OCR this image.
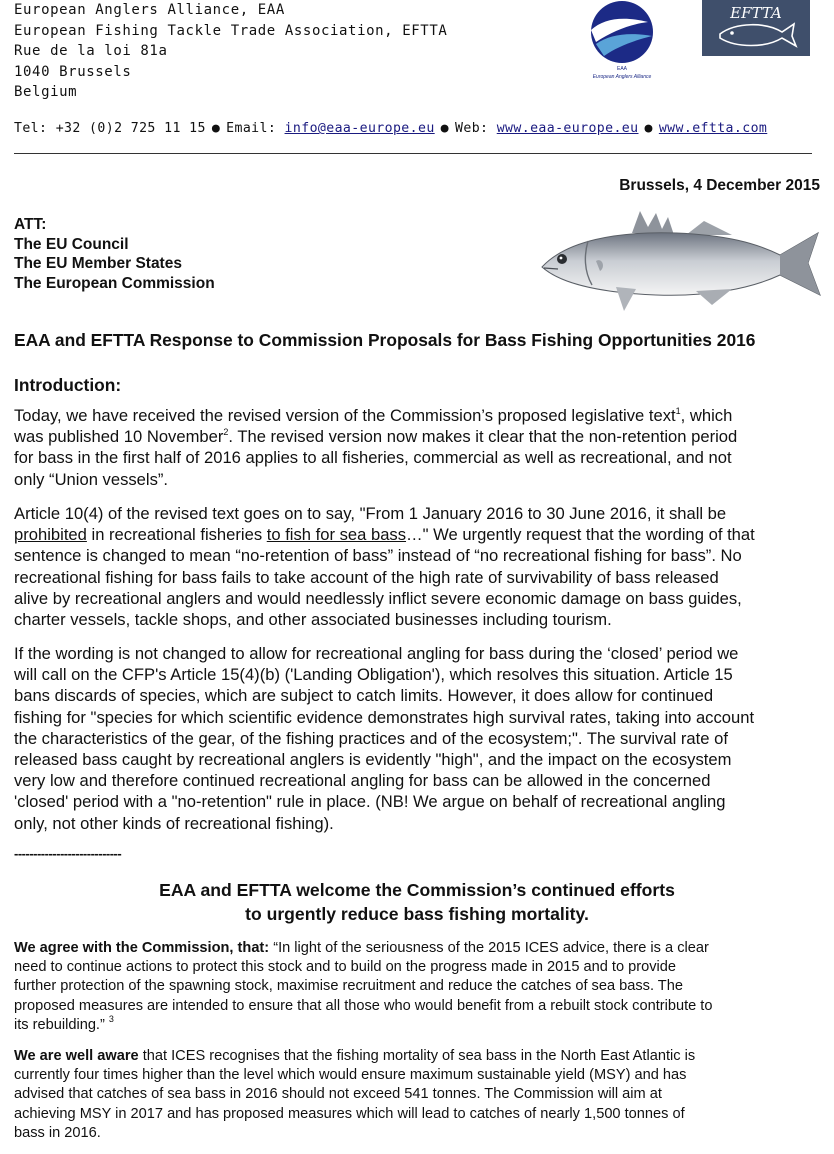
European Anglers Alliance, EAA
European Fishing Tackle Trade Association, EFTTA
Rue de la loi 81a
1040 Brussels
Belgium
EAA
European Anglers Alliance
EFTTA
Tel: +32 (0)2 725 11 15 ● Email: info@eaa-europe.eu ● Web: www.eaa-europe.eu ● www.eftta.com
Brussels, 4 December 2015
ATT:
The EU Council
The EU Member States
The European Commission
EAA and EFTTA Response to Commission Proposals for Bass Fishing Opportunities 2016
Introduction:
Today, we have received the revised version of the Commission’s proposed legislative text$^1$, which
was published 10 November$^2$. The revised version now makes it clear that the non-retention period
for bass in the first half of 2016 applies to all fisheries, commercial as well as recreational, and not
only “Union vessels”.
Article 10(4) of the revised text goes on to say, "From 1 January 2016 to 30 June 2016, it shall be
prohibited in recreational fisheries to fish for sea bass…" We urgently request that the wording of that
sentence is changed to mean “no-retention of bass” instead of “no recreational fishing for bass”. No
recreational fishing for bass fails to take account of the high rate of survivability of bass released
alive by recreational anglers and would needlessly inflict severe economic damage on bass guides,
charter vessels, tackle shops, and other associated businesses including tourism.
If the wording is not changed to allow for recreational angling for bass during the ‘closed’ period we
will call on the CFP's Article 15(4)(b) ('Landing Obligation'), which resolves this situation. Article 15
bans discards of species, which are subject to catch limits. However, it does allow for continued
fishing for "species for which scientific evidence demonstrates high survival rates, taking into account
the characteristics of the gear, of the fishing practices and of the ecosystem;". The survival rate of
released bass caught by recreational anglers is evidently "high", and the impact on the ecosystem
very low and therefore continued recreational angling for bass can be allowed in the concerned
'closed' period with a "no-retention" rule in place. (NB! We argue on behalf of recreational angling
only, not other kinds of recreational fishing).
----------------------------
EAA and EFTTA welcome the Commission’s continued efforts
to urgently reduce bass fishing mortality.
We agree with the Commission, that: “In light of the seriousness of the 2015 ICES advice, there is a clear
need to continue actions to protect this stock and to build on the progress made in 2015 and to provide
further protection of the spawning stock, maximise recruitment and reduce the catches of sea bass. The
proposed measures are intended to ensure that all those who would benefit from a rebuilt stock contribute to
its rebuilding.” $^3$
We are well aware that ICES recognises that the fishing mortality of sea bass in the North East Atlantic is
currently four times higher than the level which would ensure maximum sustainable yield (MSY) and has
advised that catches of sea bass in 2016 should not exceed 541 tonnes. The Commission will aim at
achieving MSY in 2017 and has proposed measures which will lead to catches of nearly 1,500 tonnes of
bass in 2016.
